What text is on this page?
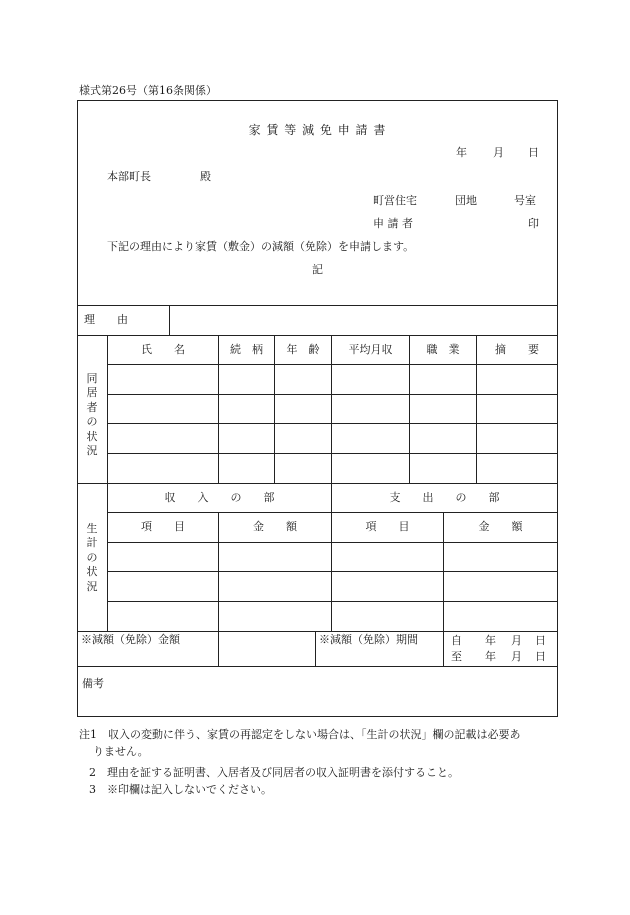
様式第26号（第16条関係）
家 賃 等 減 免 申 請 書
年 月 日
本部町長	殿
町営住宅	団地	号室
申 請 者	印
下記の理由により家賃（敷金）の減額（免除）を申請します。
記
理　　由
同
居
者
の
状
況
氏　　名	続　柄	年　齢	平均月収	職　業	摘　　要
生
計
の
状
況
収　　入　　の　　部	支　　出　　の　　部
項　　目	金　　額	項　　目	金　　額
※減額（免除）金額	※減額（免除）期間	自 年 月 日
至 年 月 日
備考
注1　収入の変動に伴う、家賃の再認定をしない場合は、「生計の状況」欄の記載は必要あ
りません。
2　理由を証する証明書、入居者及び同居者の収入証明書を添付すること。
3　※印欄は記入しないでください。
